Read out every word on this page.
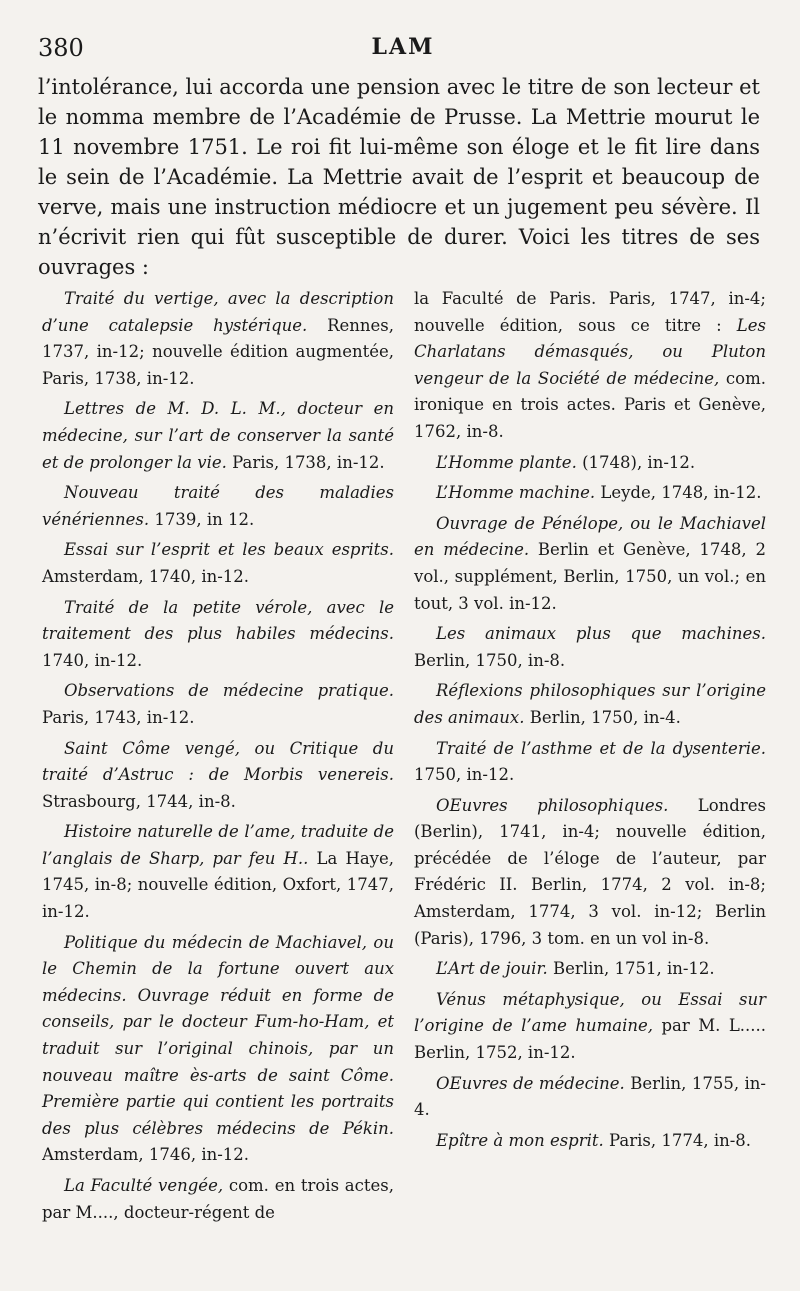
380	LAM
l’intolérance, lui accorda une pension avec le titre de son lecteur et le nomma membre de l’Académie de Prusse. La Mettrie mourut le 11 novembre 1751. Le roi fit lui-même son éloge et le fit lire dans le sein de l’Académie. La Mettrie avait de l’esprit et beaucoup de verve, mais une instruction médiocre et un jugement peu sévère. Il n’écrivit rien qui fût susceptible de durer. Voici les titres de ses ouvrages :

Traité du vertige, avec la description d’une catalepsie hystérique. Rennes, 1737, in-12; nouvelle édition augmentée, Paris, 1738, in-12.

Lettres de M. D. L. M., docteur en médecine, sur l’art de conserver la santé et de prolonger la vie. Paris, 1738, in-12.

Nouveau traité des maladies vénériennes. 1739, in 12.

Essai sur l’esprit et les beaux esprits. Amsterdam, 1740, in-12.

Traité de la petite vérole, avec le traitement des plus habiles médecins. 1740, in-12.

Observations de médecine pratique. Paris, 1743, in-12.

Saint Côme vengé, ou Critique du traité d’Astruc : de Morbis venereis. Strasbourg, 1744, in-8.

Histoire naturelle de l’ame, traduite de l’anglais de Sharp, par feu H.. La Haye, 1745, in-8; nouvelle édition, Oxfort, 1747, in-12.

Politique du médecin de Machiavel, ou le Chemin de la fortune ouvert aux médecins. Ouvrage réduit en forme de conseils, par le docteur Fum-ho-Ham, et traduit sur l’original chinois, par un nouveau maître ès-arts de saint Côme. Première partie qui contient les portraits des plus célèbres médecins de Pékin. Amsterdam, 1746, in-12.

La Faculté vengée, com. en trois actes, par M...., docteur-régent de

la Faculté de Paris. Paris, 1747, in-4; nouvelle édition, sous ce titre : Les Charlatans démasqués, ou Pluton vengeur de la Société de médecine, com. ironique en trois actes. Paris et Genève, 1762, in-8.

L’Homme plante. (1748), in-12.

L’Homme machine. Leyde, 1748, in-12.

Ouvrage de Pénélope, ou le Machiavel en médecine. Berlin et Genève, 1748, 2 vol., supplément, Berlin, 1750, un vol.; en tout, 3 vol. in-12.

Les animaux plus que machines. Berlin, 1750, in-8.

Réflexions philosophiques sur l’origine des animaux. Berlin, 1750, in-4.

Traité de l’asthme et de la dysenterie. 1750, in-12.

OEuvres philosophiques. Londres (Berlin), 1741, in-4; nouvelle édition, précédée de l’éloge de l’auteur, par Frédéric II. Berlin, 1774, 2 vol. in-8; Amsterdam, 1774, 3 vol. in-12; Berlin (Paris), 1796, 3 tom. en un vol in-8.

L’Art de jouir. Berlin, 1751, in-12.

Vénus métaphysique, ou Essai sur l’origine de l’ame humaine, par M. L..... Berlin, 1752, in-12.

OEuvres de médecine. Berlin, 1755, in-4.

Epître à mon esprit. Paris, 1774, in-8.
